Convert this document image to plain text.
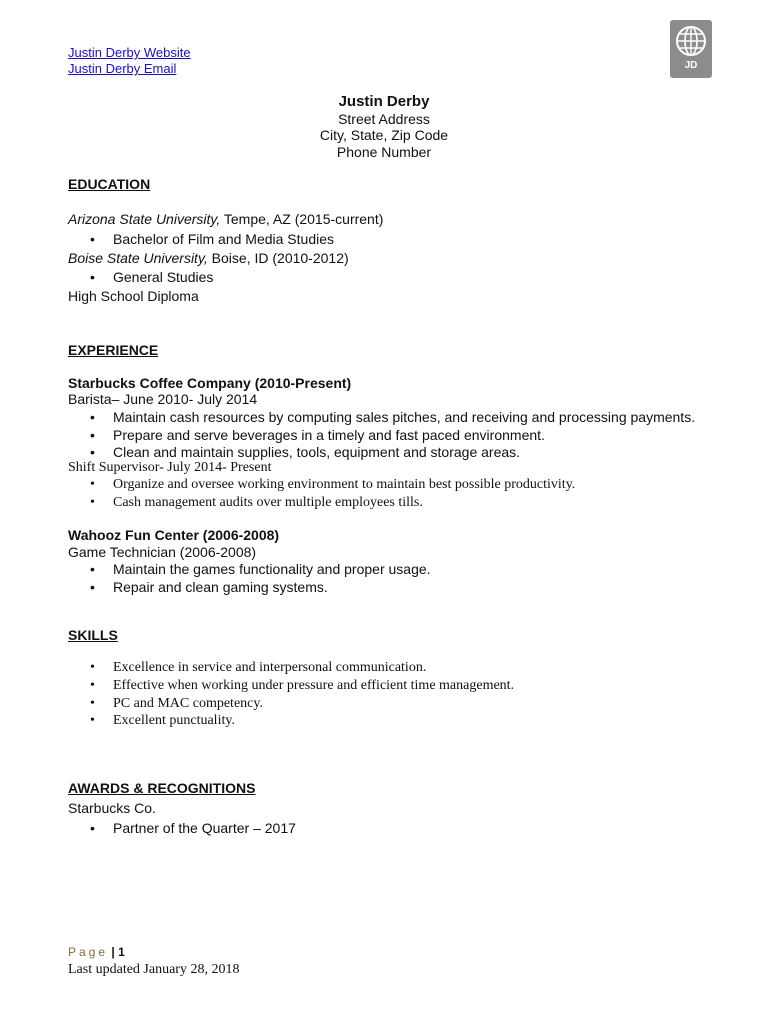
Justin Derby Website
Justin Derby Email	JD
Justin Derby
Street Address
City, State, Zip Code
Phone Number
EDUCATION
Arizona State University, Tempe, AZ (2015-current)
• Bachelor of Film and Media Studies
Boise State University, Boise, ID (2010-2012)
• General Studies
High School Diploma
EXPERIENCE
Starbucks Coffee Company (2010-Present)
Barista– June 2010- July 2014
• Maintain cash resources by computing sales pitches, and receiving and processing payments.
• Prepare and serve beverages in a timely and fast paced environment.
• Clean and maintain supplies, tools, equipment and storage areas.
Shift Supervisor- July 2014- Present
• Organize and oversee working environment to maintain best possible productivity.
• Cash management audits over multiple employees tills.
Wahooz Fun Center (2006-2008)
Game Technician (2006-2008)
• Maintain the games functionality and proper usage.
• Repair and clean gaming systems.
SKILLS
• Excellence in service and interpersonal communication.
• Effective when working under pressure and efficient time management.
• PC and MAC competency.
• Excellent punctuality.
AWARDS & RECOGNITIONS
Starbucks Co.
• Partner of the Quarter – 2017
Page | 1
Last updated January 28, 2018
